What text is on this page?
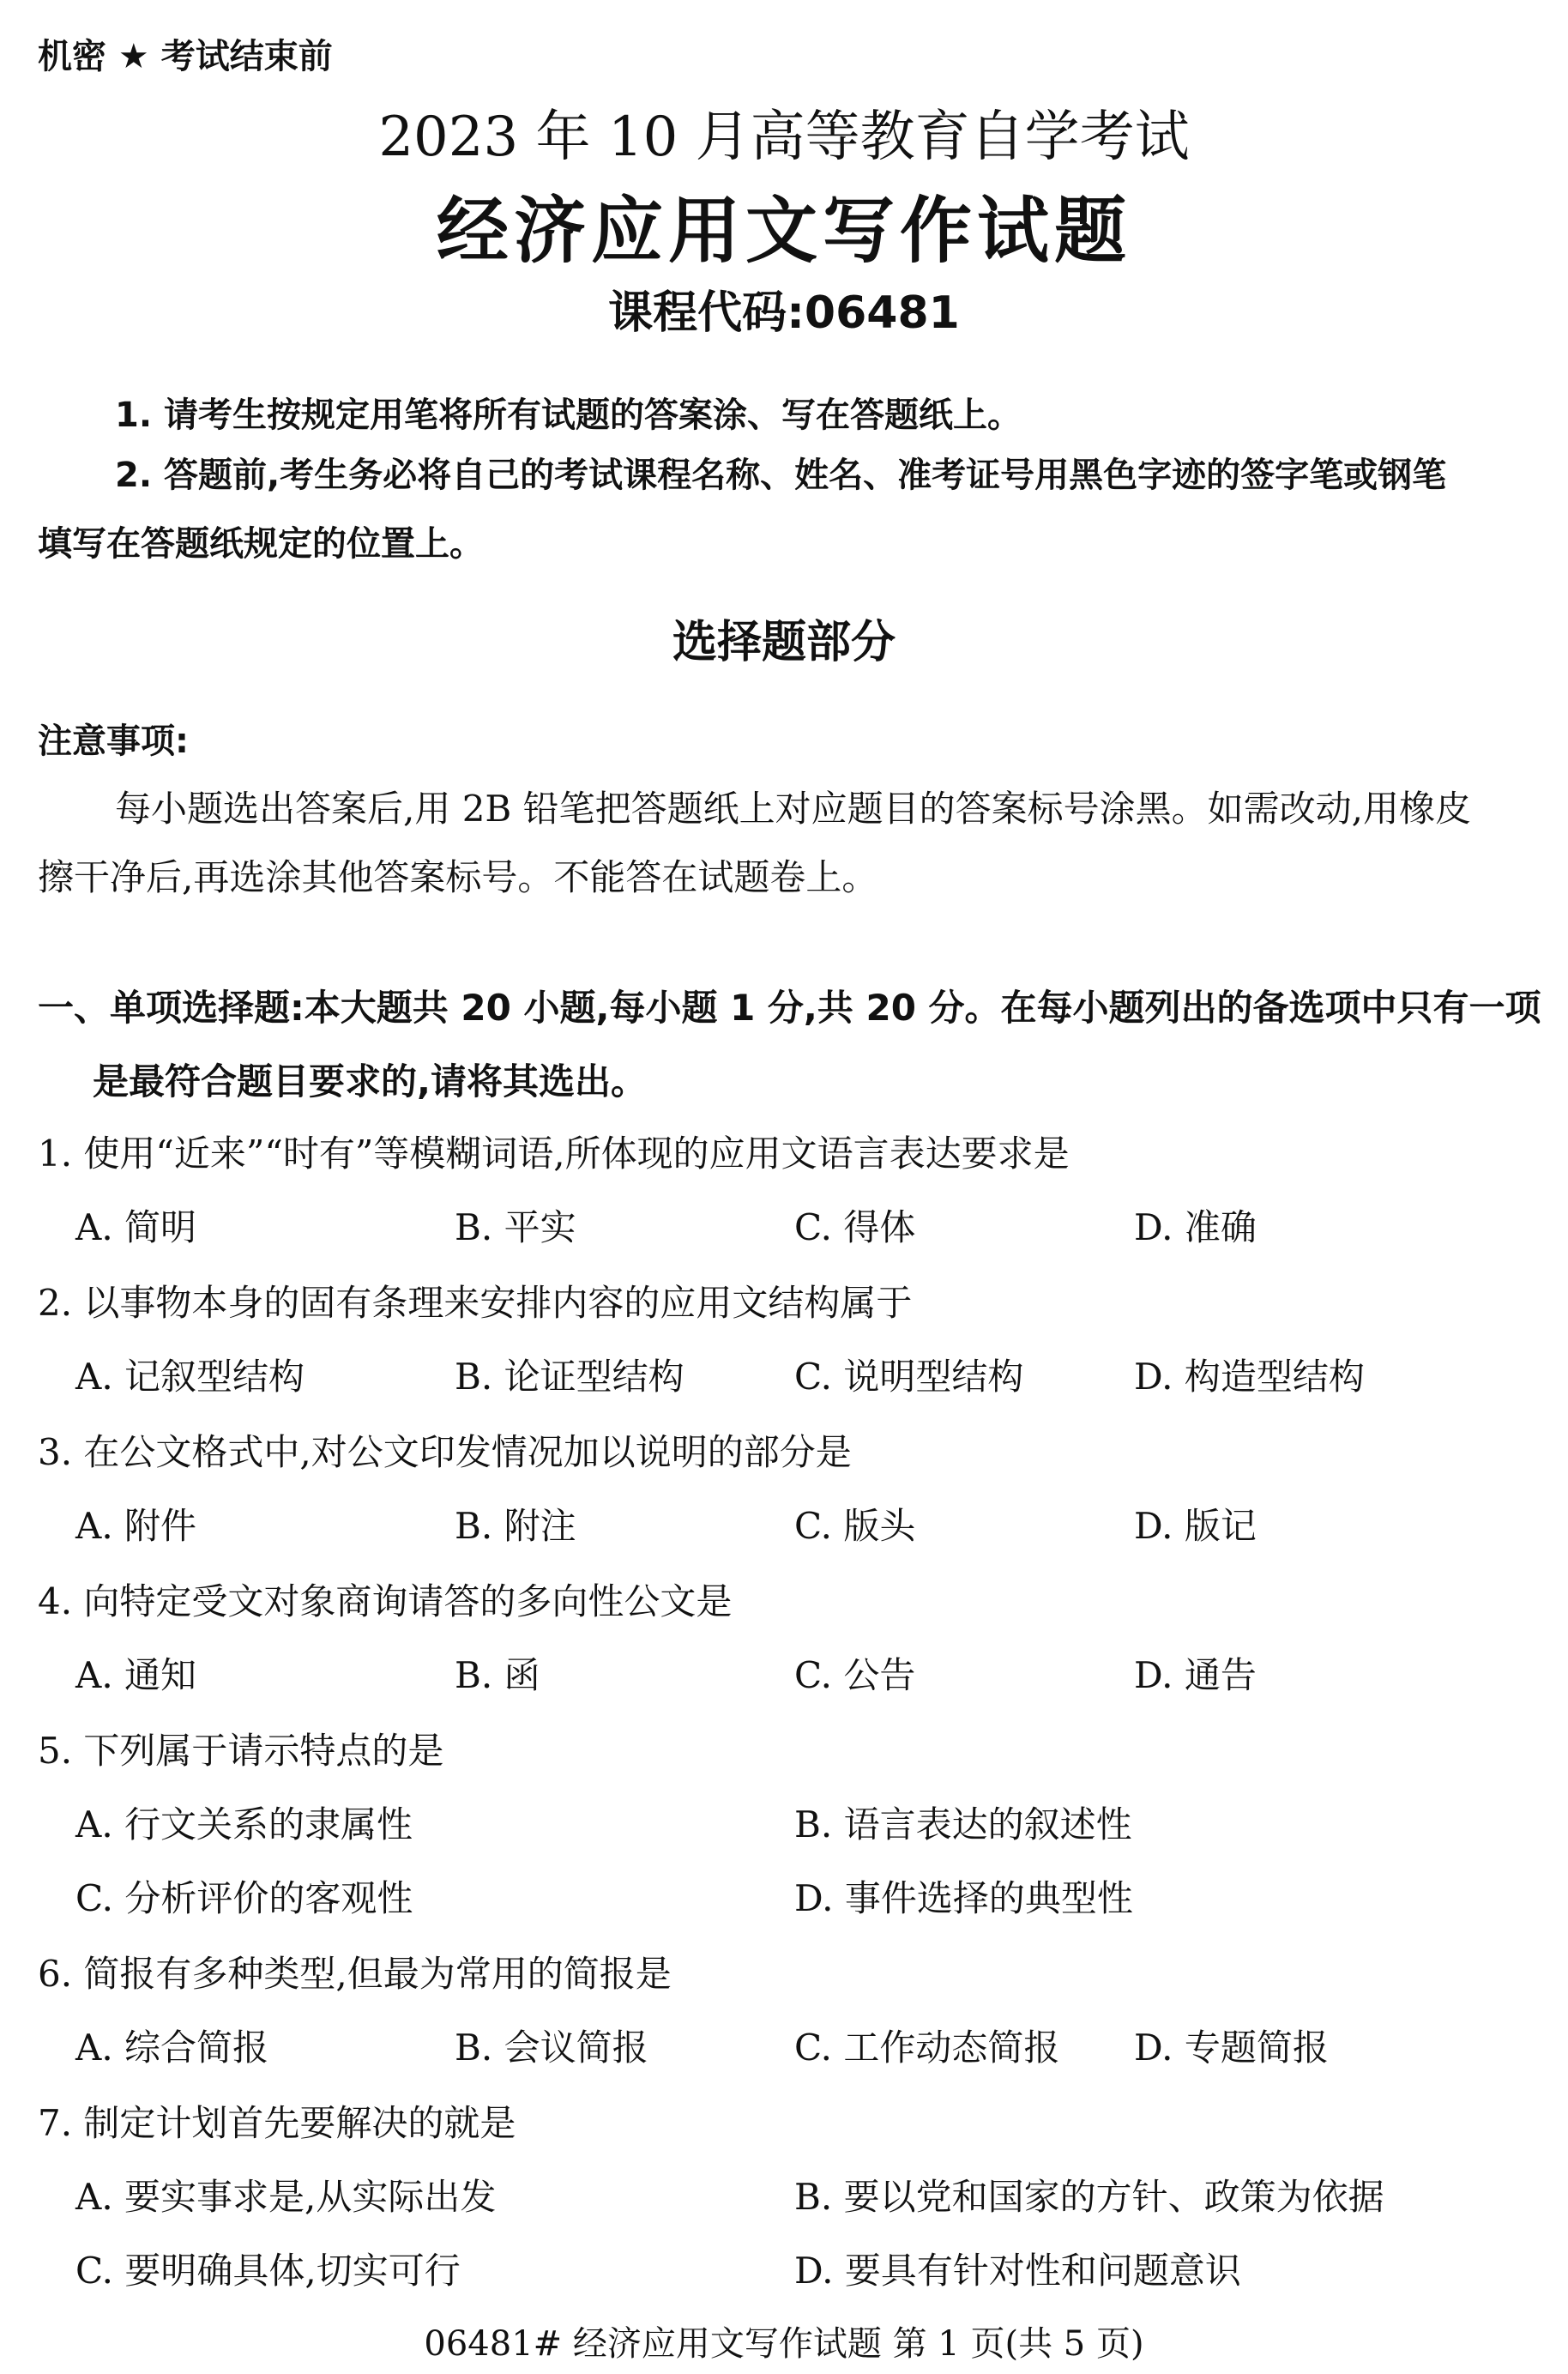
机密 ★ 考试结束前
2023 年 10 月高等教育自学考试
经济应用文写作试题
课程代码:06481
1. 请考生按规定用笔将所有试题的答案涂、写在答题纸上。
2. 答题前,考生务必将自己的考试课程名称、姓名、准考证号用黑色字迹的签字笔或钢笔
填写在答题纸规定的位置上。
选择题部分
注意事项:
每小题选出答案后,用 2B 铅笔把答题纸上对应题目的答案标号涂黑。如需改动,用橡皮
擦干净后,再选涂其他答案标号。不能答在试题卷上。
一、单项选择题:本大题共 20 小题,每小题 1 分,共 20 分。在每小题列出的备选项中只有一项
是最符合题目要求的,请将其选出。
1. 使用“近来”“时有”等模糊词语,所体现的应用文语言表达要求是
A. 简明	B. 平实	C. 得体	D. 准确
2. 以事物本身的固有条理来安排内容的应用文结构属于
A. 记叙型结构	B. 论证型结构	C. 说明型结构	D. 构造型结构
3. 在公文格式中,对公文印发情况加以说明的部分是
A. 附件	B. 附注	C. 版头	D. 版记
4. 向特定受文对象商询请答的多向性公文是
A. 通知	B. 函	C. 公告	D. 通告
5. 下列属于请示特点的是
A. 行文关系的隶属性	B. 语言表达的叙述性
C. 分析评价的客观性	D. 事件选择的典型性
6. 简报有多种类型,但最为常用的简报是
A. 综合简报	B. 会议简报	C. 工作动态简报 D. 专题简报
7. 制定计划首先要解决的就是
A. 要实事求是,从实际出发	B. 要以党和国家的方针、政策为依据
C. 要明确具体,切实可行	D. 要具有针对性和问题意识
06481# 经济应用文写作试题 第 1 页(共 5 页)
